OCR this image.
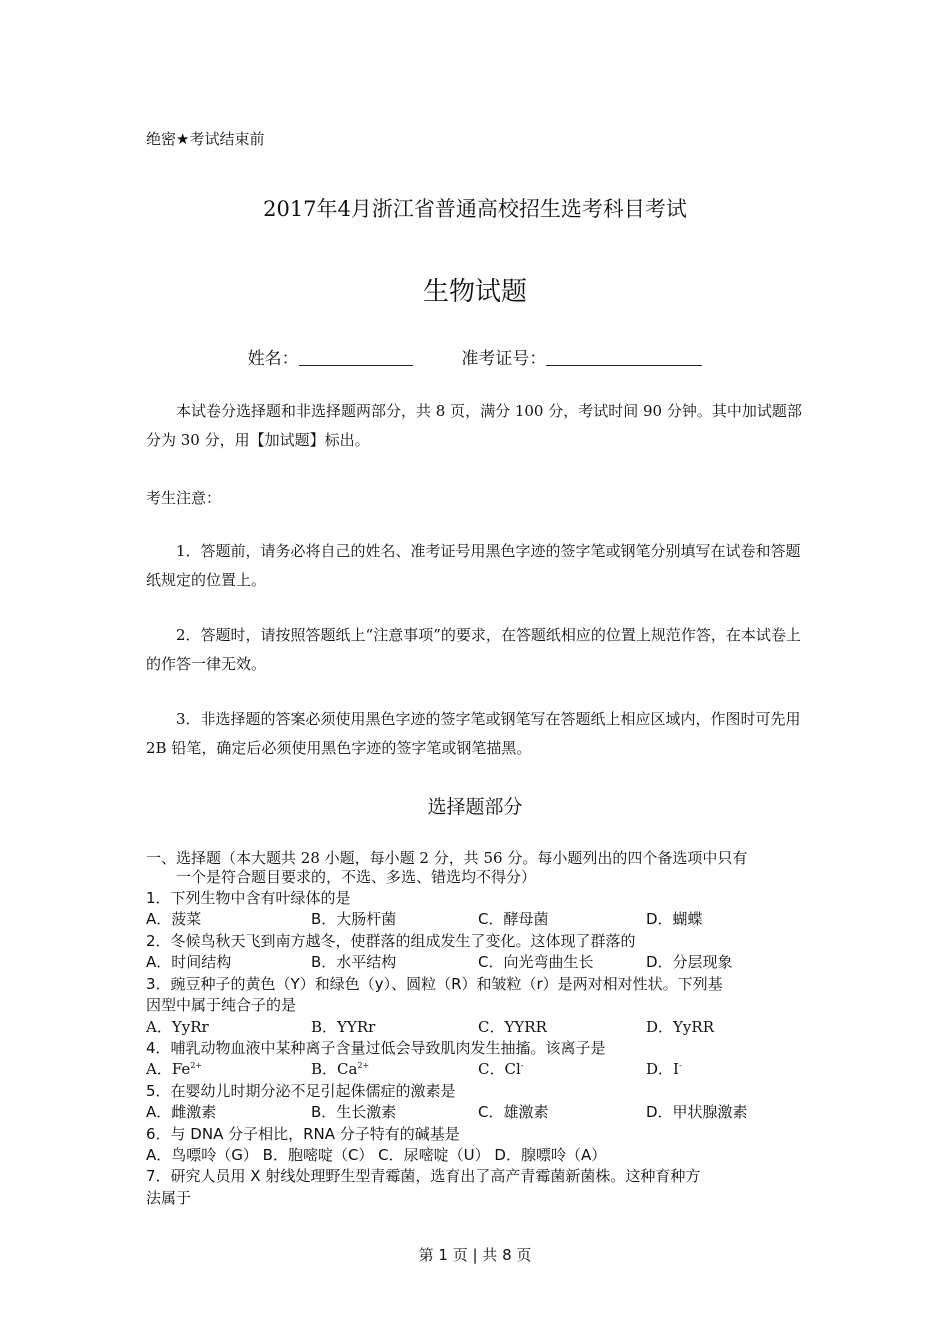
绝密★考试结束前
2017年4月浙江省普通高校招生选考科目考试
生物试题
姓名：	准考证号：
本试卷分选择题和非选择题两部分，共 8 页，满分 100 分，考试时间 90 分钟。其中加试题部分为 30 分，用【加试题】标出。
考生注意：
1．答题前，请务必将自己的姓名、准考证号用黑色字迹的签字笔或钢笔分别填写在试卷和答题纸规定的位置上。
2．答题时，请按照答题纸上“注意事项”的要求，在答题纸相应的位置上规范作答，在本试卷上的作答一律无效。
3．非选择题的答案必须使用黑色字迹的签字笔或钢笔写在答题纸上相应区域内，作图时可先用 2B 铅笔，确定后必须使用黑色字迹的签字笔或钢笔描黑。
选择题部分
一、选择题（本大题共 28 小题，每小题 2 分，共 56 分。每小题列出的四个备选项中只有
一个是符合题目要求的，不选、多选、错选均不得分）
1．下列生物中含有叶绿体的是
A．菠菜	B．大肠杆菌	C．酵母菌	D．蝴蝶
2．冬候鸟秋天飞到南方越冬，使群落的组成发生了变化。这体现了群落的
A．时间结构	B．水平结构	C．向光弯曲生长	D．分层现象
3．豌豆种子的黄色（Y）和绿色（y）、圆粒（R）和皱粒（r）是两对相对性状。下列基
因型中属于纯合子的是
A．YyRr	B．YYRr	C．YYRR	D．YyRR
4．哺乳动物血液中某种离子含量过低会导致肌肉发生抽搐。该离子是
A．$Fe^{2+}$	B．$Ca^{2+}$	C．Cl-	D．I-
5．在婴幼儿时期分泌不足引起侏儒症的激素是
A．雌激素	B．生长激素	C．雄激素	D．甲状腺激素
6．与 DNA 分子相比，RNA 分子特有的碱基是
A．鸟嘌呤（G） B．胞嘧啶（C） C．尿嘧啶（U） D．腺嘌呤（A）
7．研究人员用 X 射线处理野生型青霉菌，选育出了高产青霉菌新菌株。这种育种方
法属于
第 1 页 | 共 8 页
